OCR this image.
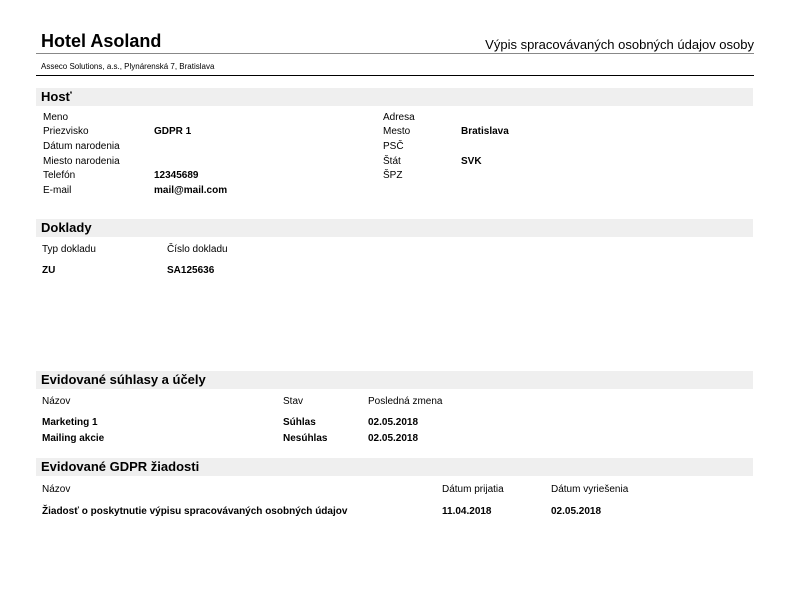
Hotel Asoland	Výpis spracovávaných osobných údajov osoby
Asseco Solutions, a.s., Plynárenská 7, Bratislava
Hosť
Meno
Priezvisko	GDPR 1
Dátum narodenia
Miesto narodenia
Telefón	12345689
E-mail	mail@mail.com
Adresa
Mesto	Bratislava
PSČ
Štát	SVK
ŠPZ
Doklady
Typ dokladu	Číslo dokladu
ZU	SA125636
Evidované súhlasy a účely
Názov	Stav	Posledná zmena
Marketing 1	Súhlas	02.05.2018
Mailing akcie	Nesúhlas	02.05.2018
Evidované GDPR žiadosti
Názov	Dátum prijatia	Dátum vyriešenia
Žiadosť o poskytnutie výpisu spracovávaných osobných údajov	11.04.2018	02.05.2018
